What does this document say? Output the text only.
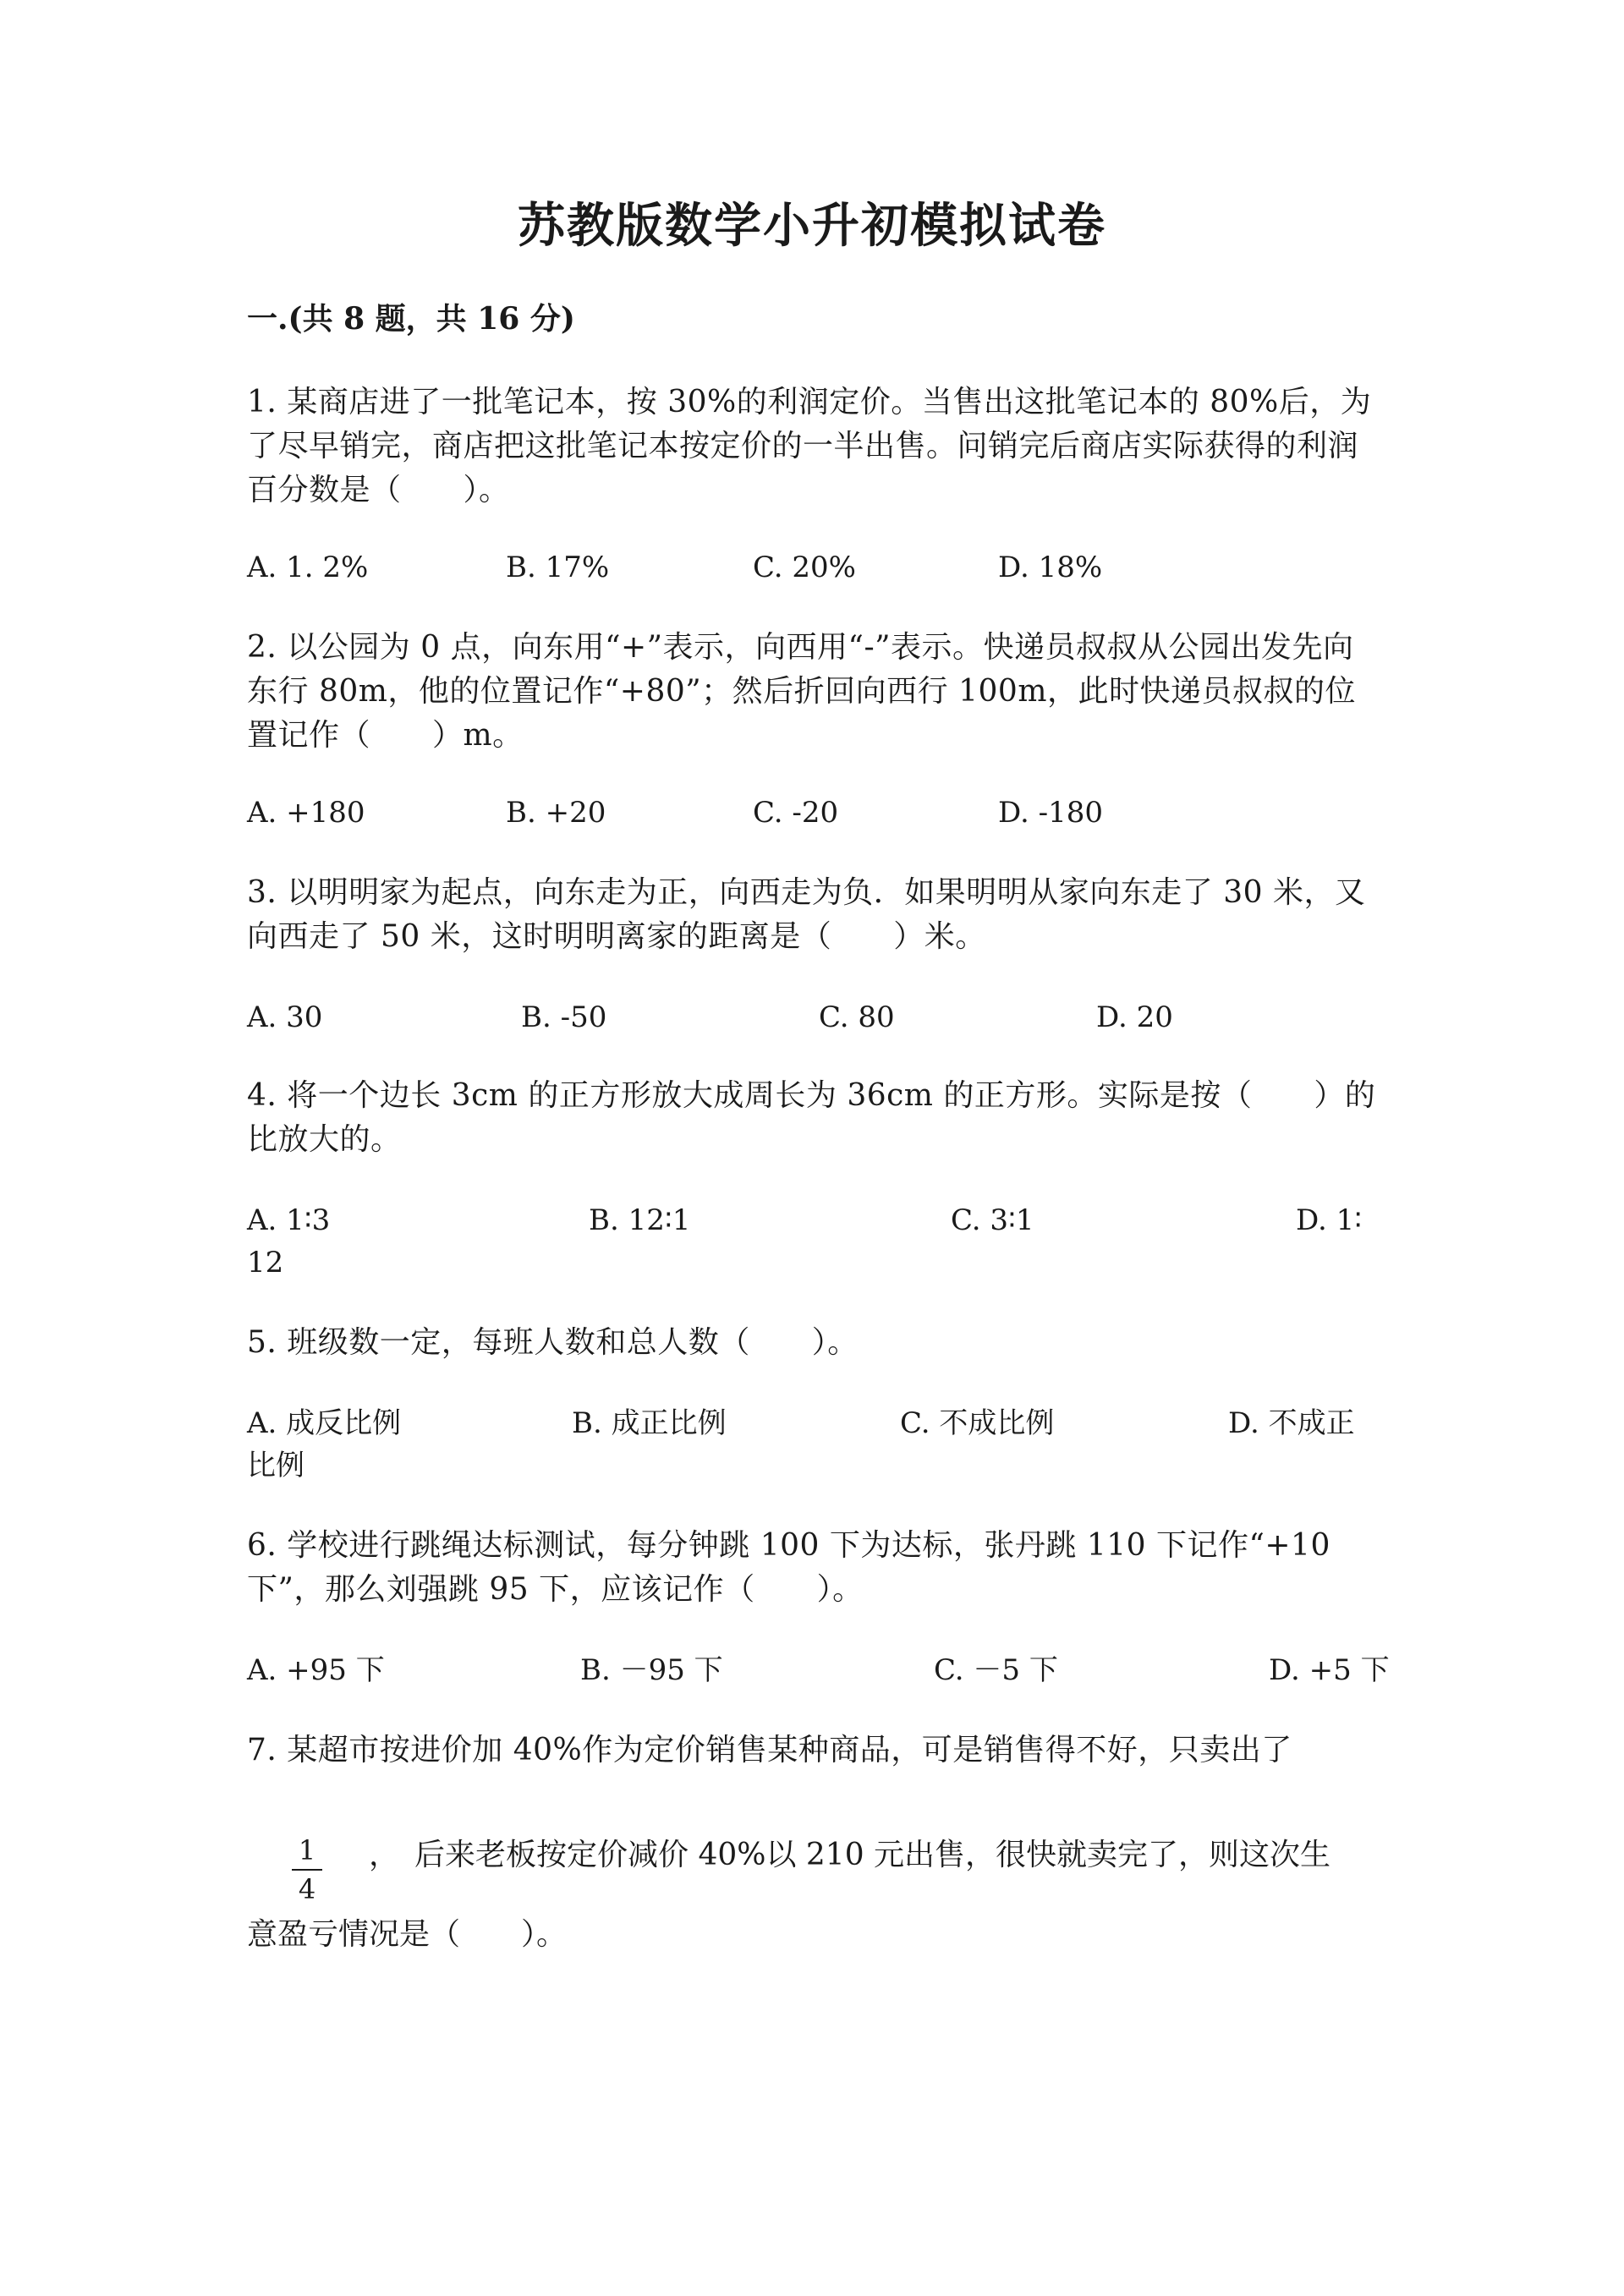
苏教版数学小升初模拟试卷
一.(共 8 题，共 16 分)
1. 某商店进了一批笔记本，按 30%的利润定价。当售出这批笔记本的 80%后，为了尽早销完，商店把这批笔记本按定价的一半出售。问销完后商店实际获得的利润百分数是（　　）。
A. 1. 2%	B. 17%	C. 20%	D. 18%
2. 以公园为 0 点，向东用“+”表示，向西用“-”表示。快递员叔叔从公园出发先向东行 80m，他的位置记作“+80”；然后折回向西行 100m，此时快递员叔叔的位置记作（　　）m。
A. +180	B. +20	C. -20	D. -180
3. 以明明家为起点，向东走为正，向西走为负．如果明明从家向东走了 30 米，又向西走了 50 米，这时明明离家的距离是（　　）米。
A. 30	B. -50	C. 80	D. 20
4. 将一个边长 3cm 的正方形放大成周长为 36cm 的正方形。实际是按（　　）的比放大的。
A. 1∶3	B. 12∶1	C. 3∶1	D. 1∶
12
5. 班级数一定，每班人数和总人数（　　）。
A. 成反比例	B. 成正比例	C. 不成比例	D. 不成正
比例
6. 学校进行跳绳达标测试，每分钟跳 100 下为达标，张丹跳 110 下记作“+10 下”，那么刘强跳 95 下，应该记作（　　）。
A. +95 下	B. －95 下	C. －5 下	D. +5 下
7. 某超市按进价加 40%作为定价销售某种商品，可是销售得不好，只卖出了
1
4
，　后来老板按定价减价 40%以 210 元出售，很快就卖完了，则这次生
意盈亏情况是（　　）。
